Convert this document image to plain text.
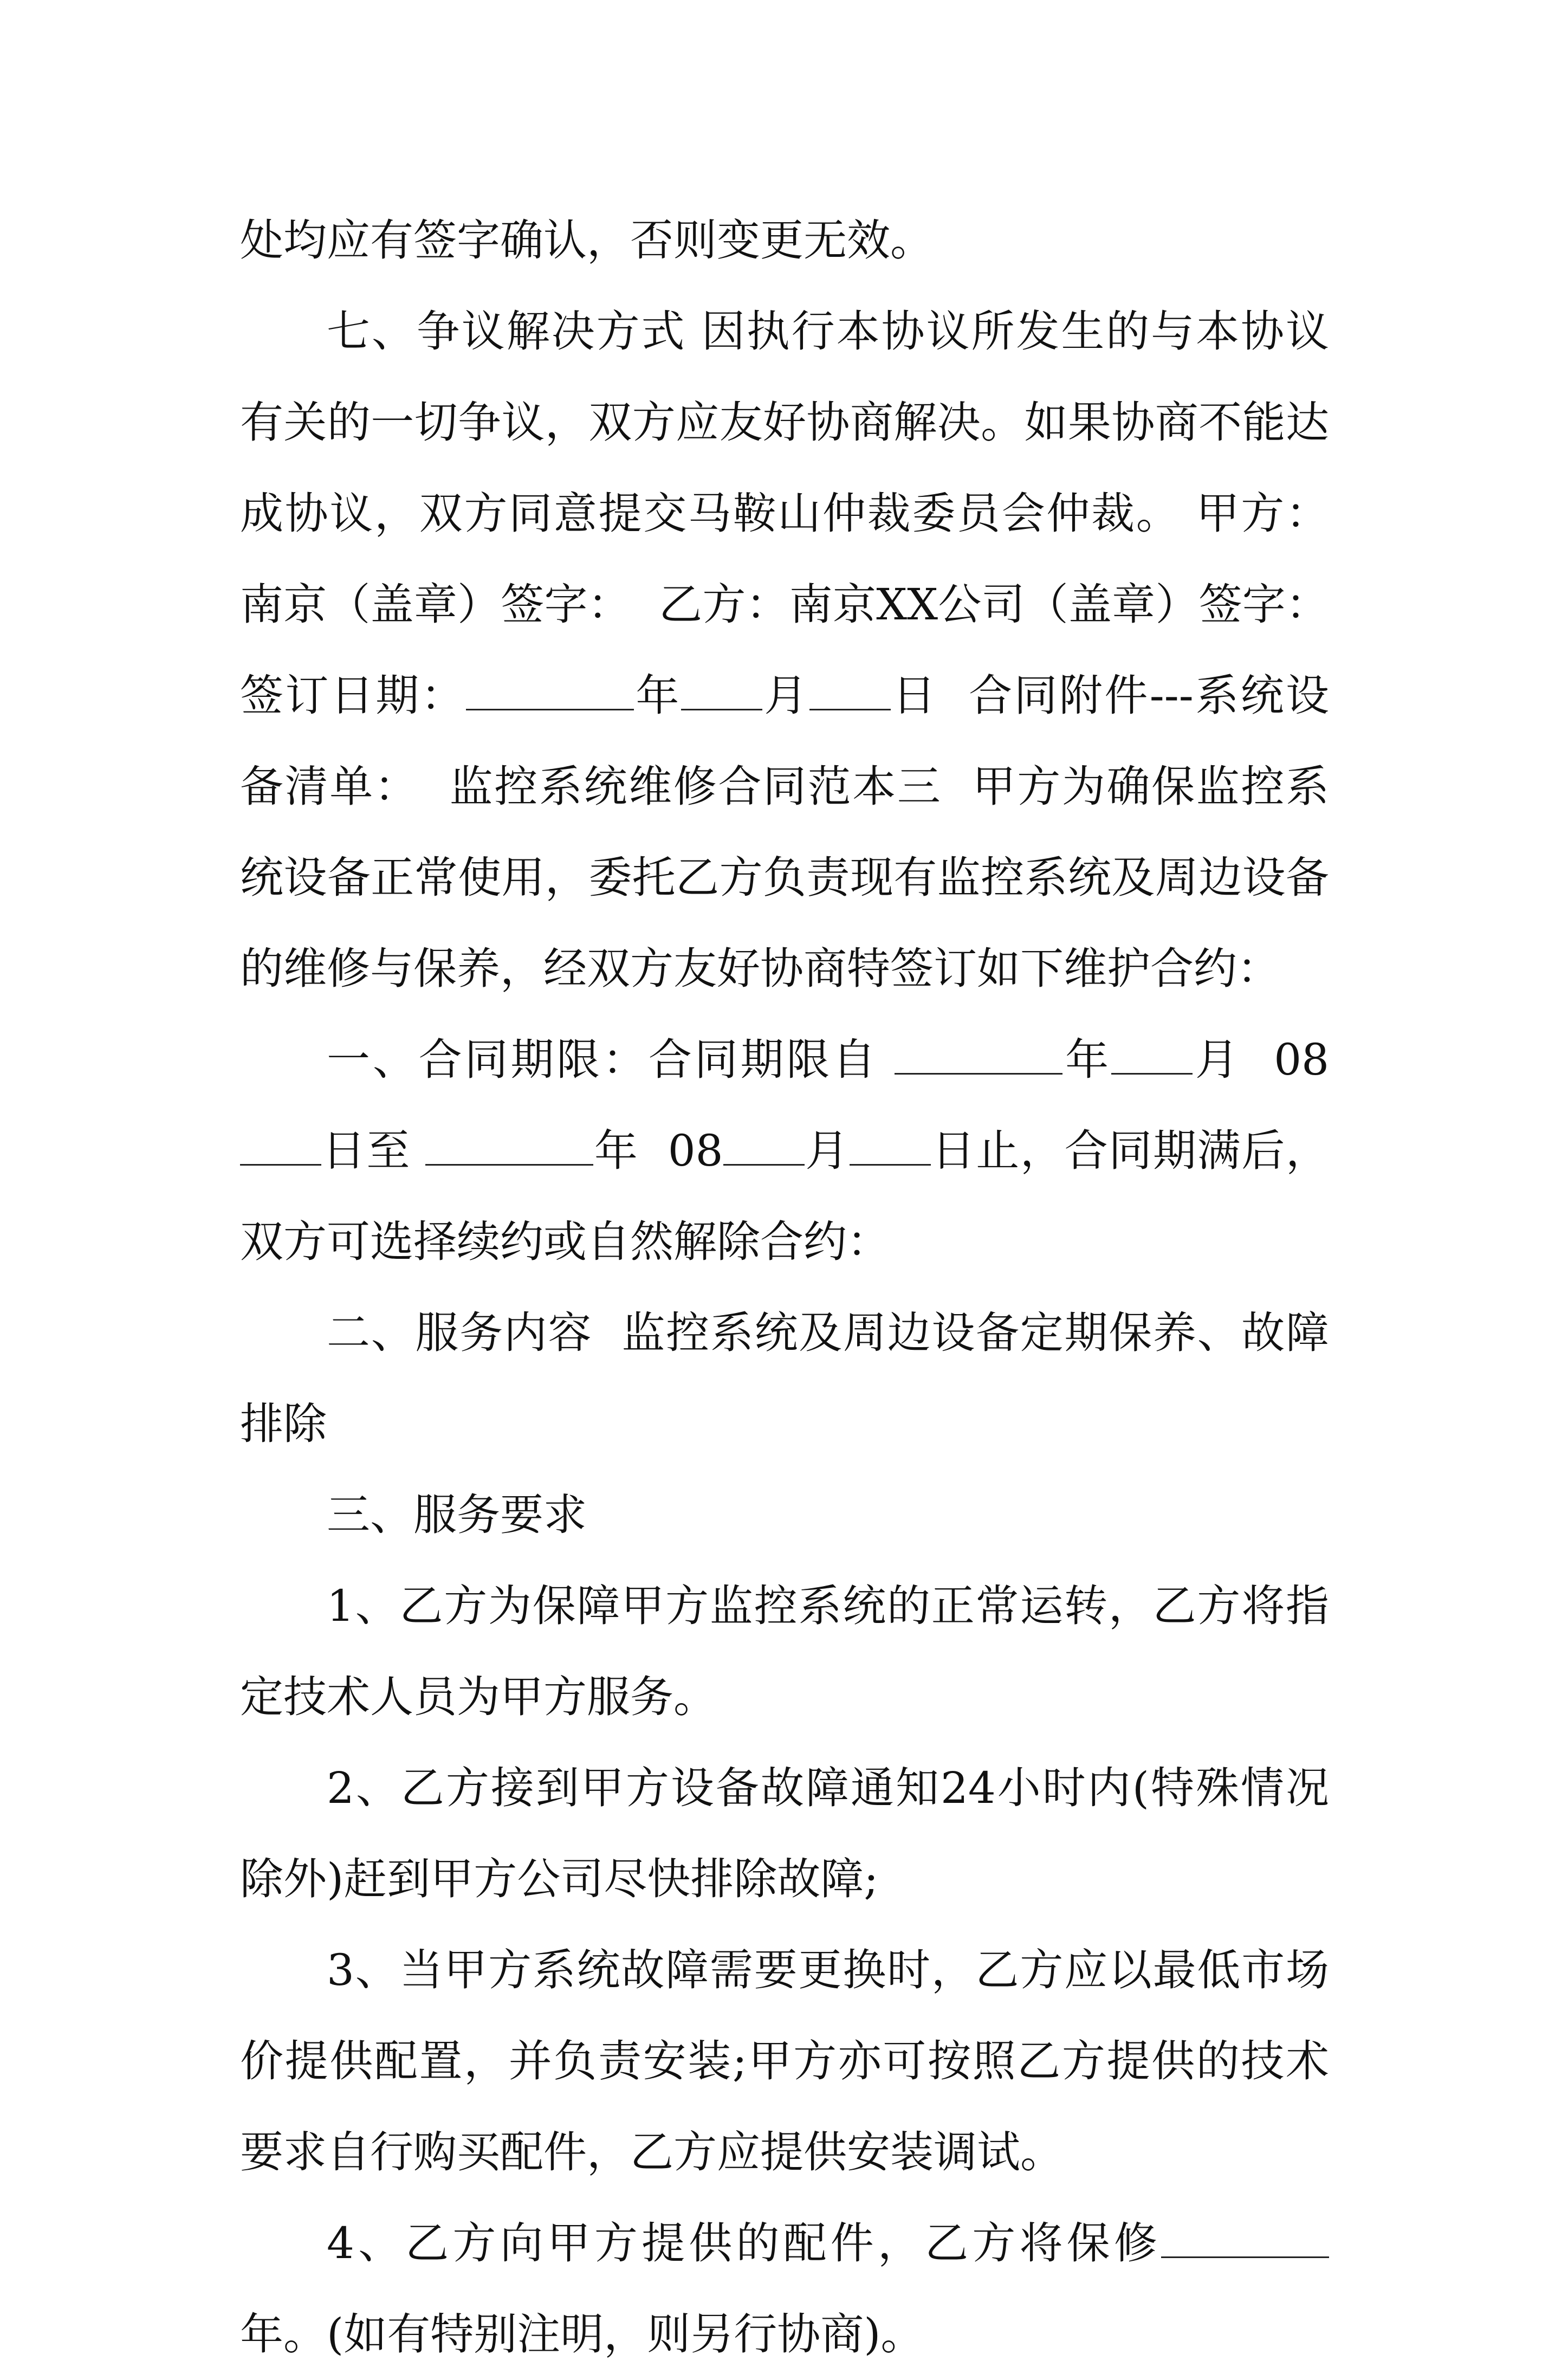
处均应有签字确认，否则变更无效。

七、争议解决方式 因执行本协议所发生的与本协议有关的一切争议，双方应友好协商解决。如果协商不能达成协议，双方同意提交马鞍山仲裁委员会仲裁。 甲方：南京（盖章）签字：  乙方：南京XX公司（盖章）签字：  签订日期：	年 月 日  合同附件---系统设备清单：  监控系统维修合同范本三  甲方为确保监控系统设备正常使用，委托乙方负责现有监控系统及周边设备的维修与保养，经双方友好协商特签订如下维护合约：

一、合同期限：合同期限自	年 月  08日至	年  08 月 日止，合同期满后，双方可选择续约或自然解除合约：

二、服务内容  监控系统及周边设备定期保养、故障排除

三、服务要求

1、乙方为保障甲方监控系统的正常运转，乙方将指定技术人员为甲方服务。

2、乙方接到甲方设备故障通知24小时内(特殊情况除外)赶到甲方公司尽快排除故障;

3、当甲方系统故障需要更换时，乙方应以最低市场价提供配置，并负责安装;甲方亦可按照乙方提供的技术要求自行购买配件，乙方应提供安装调试。

4、乙方向甲方提供的配件，乙方将保修年。(如有特别注明，则另行协商)。
